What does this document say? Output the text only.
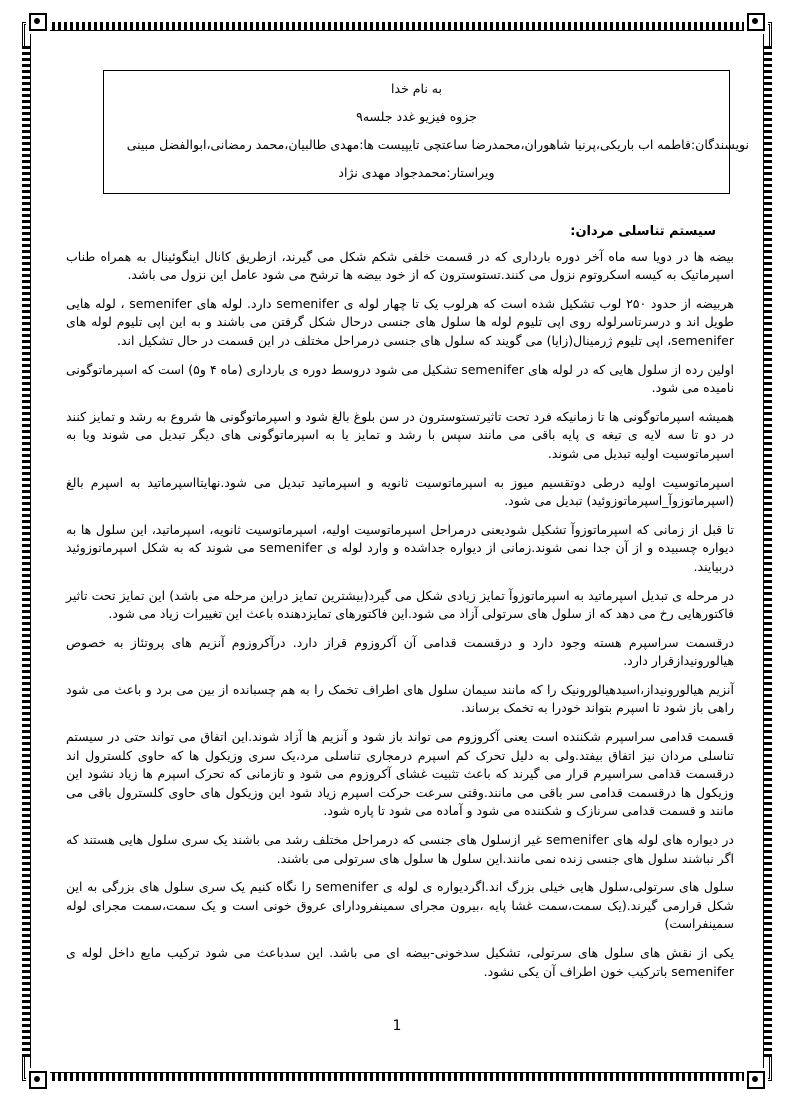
به نام خدا
جزوه فیزیو غدد جلسه۹
نویسندگان:فاطمه اب باریکی،پرنیا شاهوران،محمدرضا ساعتچی تایپیست ها:مهدی طالبیان،محمد رمضانی،ابوالفضل مبینی
ویراستار:محمدجواد مهدی نژاد
سیستم تناسلی مردان:

بیضه ها در دویا سه ماه آخر دوره بارداری که در قسمت خلفی شکم شکل می گیرند، ازطریق کانال اینگوئینال به همراه طناب اسپرماتیک به کیسه اسکروتوم نزول می کنند.تستوسترون که از خود بیضه ها ترشح می شود عامل این نزول می باشد.

هربیضه از حدود ۲۵۰ لوب تشکیل شده است که هرلوب یک تا چهار لوله ی semenifer دارد. لوله های semenifer ، لوله هایی طویل اند و درسرتاسرلوله روی اپی تلیوم لوله ها سلول های جنسی درحال شکل گرفتن می باشند و به این اپی تلیوم لوله های semenifer، اپی تلیوم ژرمینال(زایا) می گویند که سلول های جنسی درمراحل مختلف در این قسمت در حال تشکیل اند.

اولین رده از سلول هایی که در لوله های semenifer تشکیل می شود دروسط دوره ی بارداری (ماه ۴ و۵) است که اسپرماتوگونی نامیده می شود.

همیشه اسپرماتوگونی ها تا زمانیکه فرد تحت تاثیرتستوسترون در سن بلوغ بالغ شود و اسپرماتوگونی ها شروع به رشد و تمایز کنند در دو تا سه لایه ی تیغه ی پایه باقی می مانند سپس با رشد و تمایز یا به اسپرماتوگونی های دیگر تبدیل می شوند ویا به اسپرماتوسیت اولیه تبدیل می شوند.

اسپرماتوسیت اولیه درطی دوتقسیم میوز به اسپرماتوسیت ثانویه و اسپرماتید تبدیل می شود.نهایتااسپرماتید به اسپرم بالغ (اسپرماتوزوآ_اسپرماتوزوئید) تبدیل می شود.

تا قبل از زمانی که اسپرماتوزوآ تشکیل شودیعنی درمراحل اسپرماتوسیت اولیه، اسپرماتوسیت ثانویه، اسپرماتید، این سلول ها به دیواره چسبیده و از آن جدا نمی شوند.زمانی از دیواره جداشده و وارد لوله ی semenifer می شوند که به شکل اسپرماتوزوئید دربیایند.

در مرحله ی تبدیل اسپرماتید به اسپرماتوزوآ تمایز زیادی شکل می گیرد(بیشترین تمایز دراین مرحله می باشد) این تمایز تحت تاثیر فاکتورهایی رخ می دهد که از سلول های سرتولی آزاد می شود.این فاکتورهای تمایزدهنده باعث این تغییرات زیاد می شود.

درقسمت سراسپرم هسته وجود دارد و درقسمت قدامی آن آکروزوم قراز دارد. درآکروزوم آنزیم های پروتئاز به خصوص هیالورونیدازقرار دارد.

آنزیم هیالورونیداز،اسیدهیالورونیک را که مانند سیمان سلول های اطراف تخمک را به هم چسبانده از بین می برد و باعث می شود راهی باز شود تا اسپرم بتواند خودرا به تخمک برساند.

قسمت قدامی سراسپرم شکننده است یعنی آکروزوم می تواند باز شود و آنزیم ها آزاد شوند.این اتفاق می تواند حتی در سیستم تناسلی مردان نیز اتفاق بیفتد.ولی به دلیل تحرک کم اسپرم درمجاری تناسلی مرد،یک سری وزیکول ها که حاوی کلسترول اند درقسمت قدامی سراسپرم قرار می گیرند که باعث تثبیت غشای آکروزوم می شود و تازمانی که تحرک اسپرم ها زیاد نشود این وزیکول ها درقسمت قدامی سر باقی می مانند.وقتی سرعت حرکت اسپرم زیاد شود این وزیکول های حاوی کلسترول باقی می مانند و قسمت قدامی سرنازک و شکننده می شود و آماده می شود تا پاره شود.

در دیواره های لوله های semenifer غیر ازسلول های جنسی که درمراحل مختلف رشد می باشند یک سری سلول هایی هستند که اگر نباشند سلول های جنسی زنده نمی مانند.این سلول ها سلول های سرتولی می باشند.

سلول های سرتولی،سلول هایی خیلی بزرگ اند.اگردیواره ی لوله ی semenifer را نگاه کنیم یک سری سلول های بزرگی به این شکل قرارمی گیرند.(یک سمت،سمت غشا پایه ،بیرون مجرای سمینفرودارای عروق خونی است و یک سمت،سمت مجرای لوله سمینفراست)

یکی از نقش های سلول های سرتولی، تشکیل سدخونی-بیضه ای می باشد. این سدباعث می شود ترکیب مایع داخل لوله ی semenifer باترکیب خون اطراف آن یکی نشود.

1
